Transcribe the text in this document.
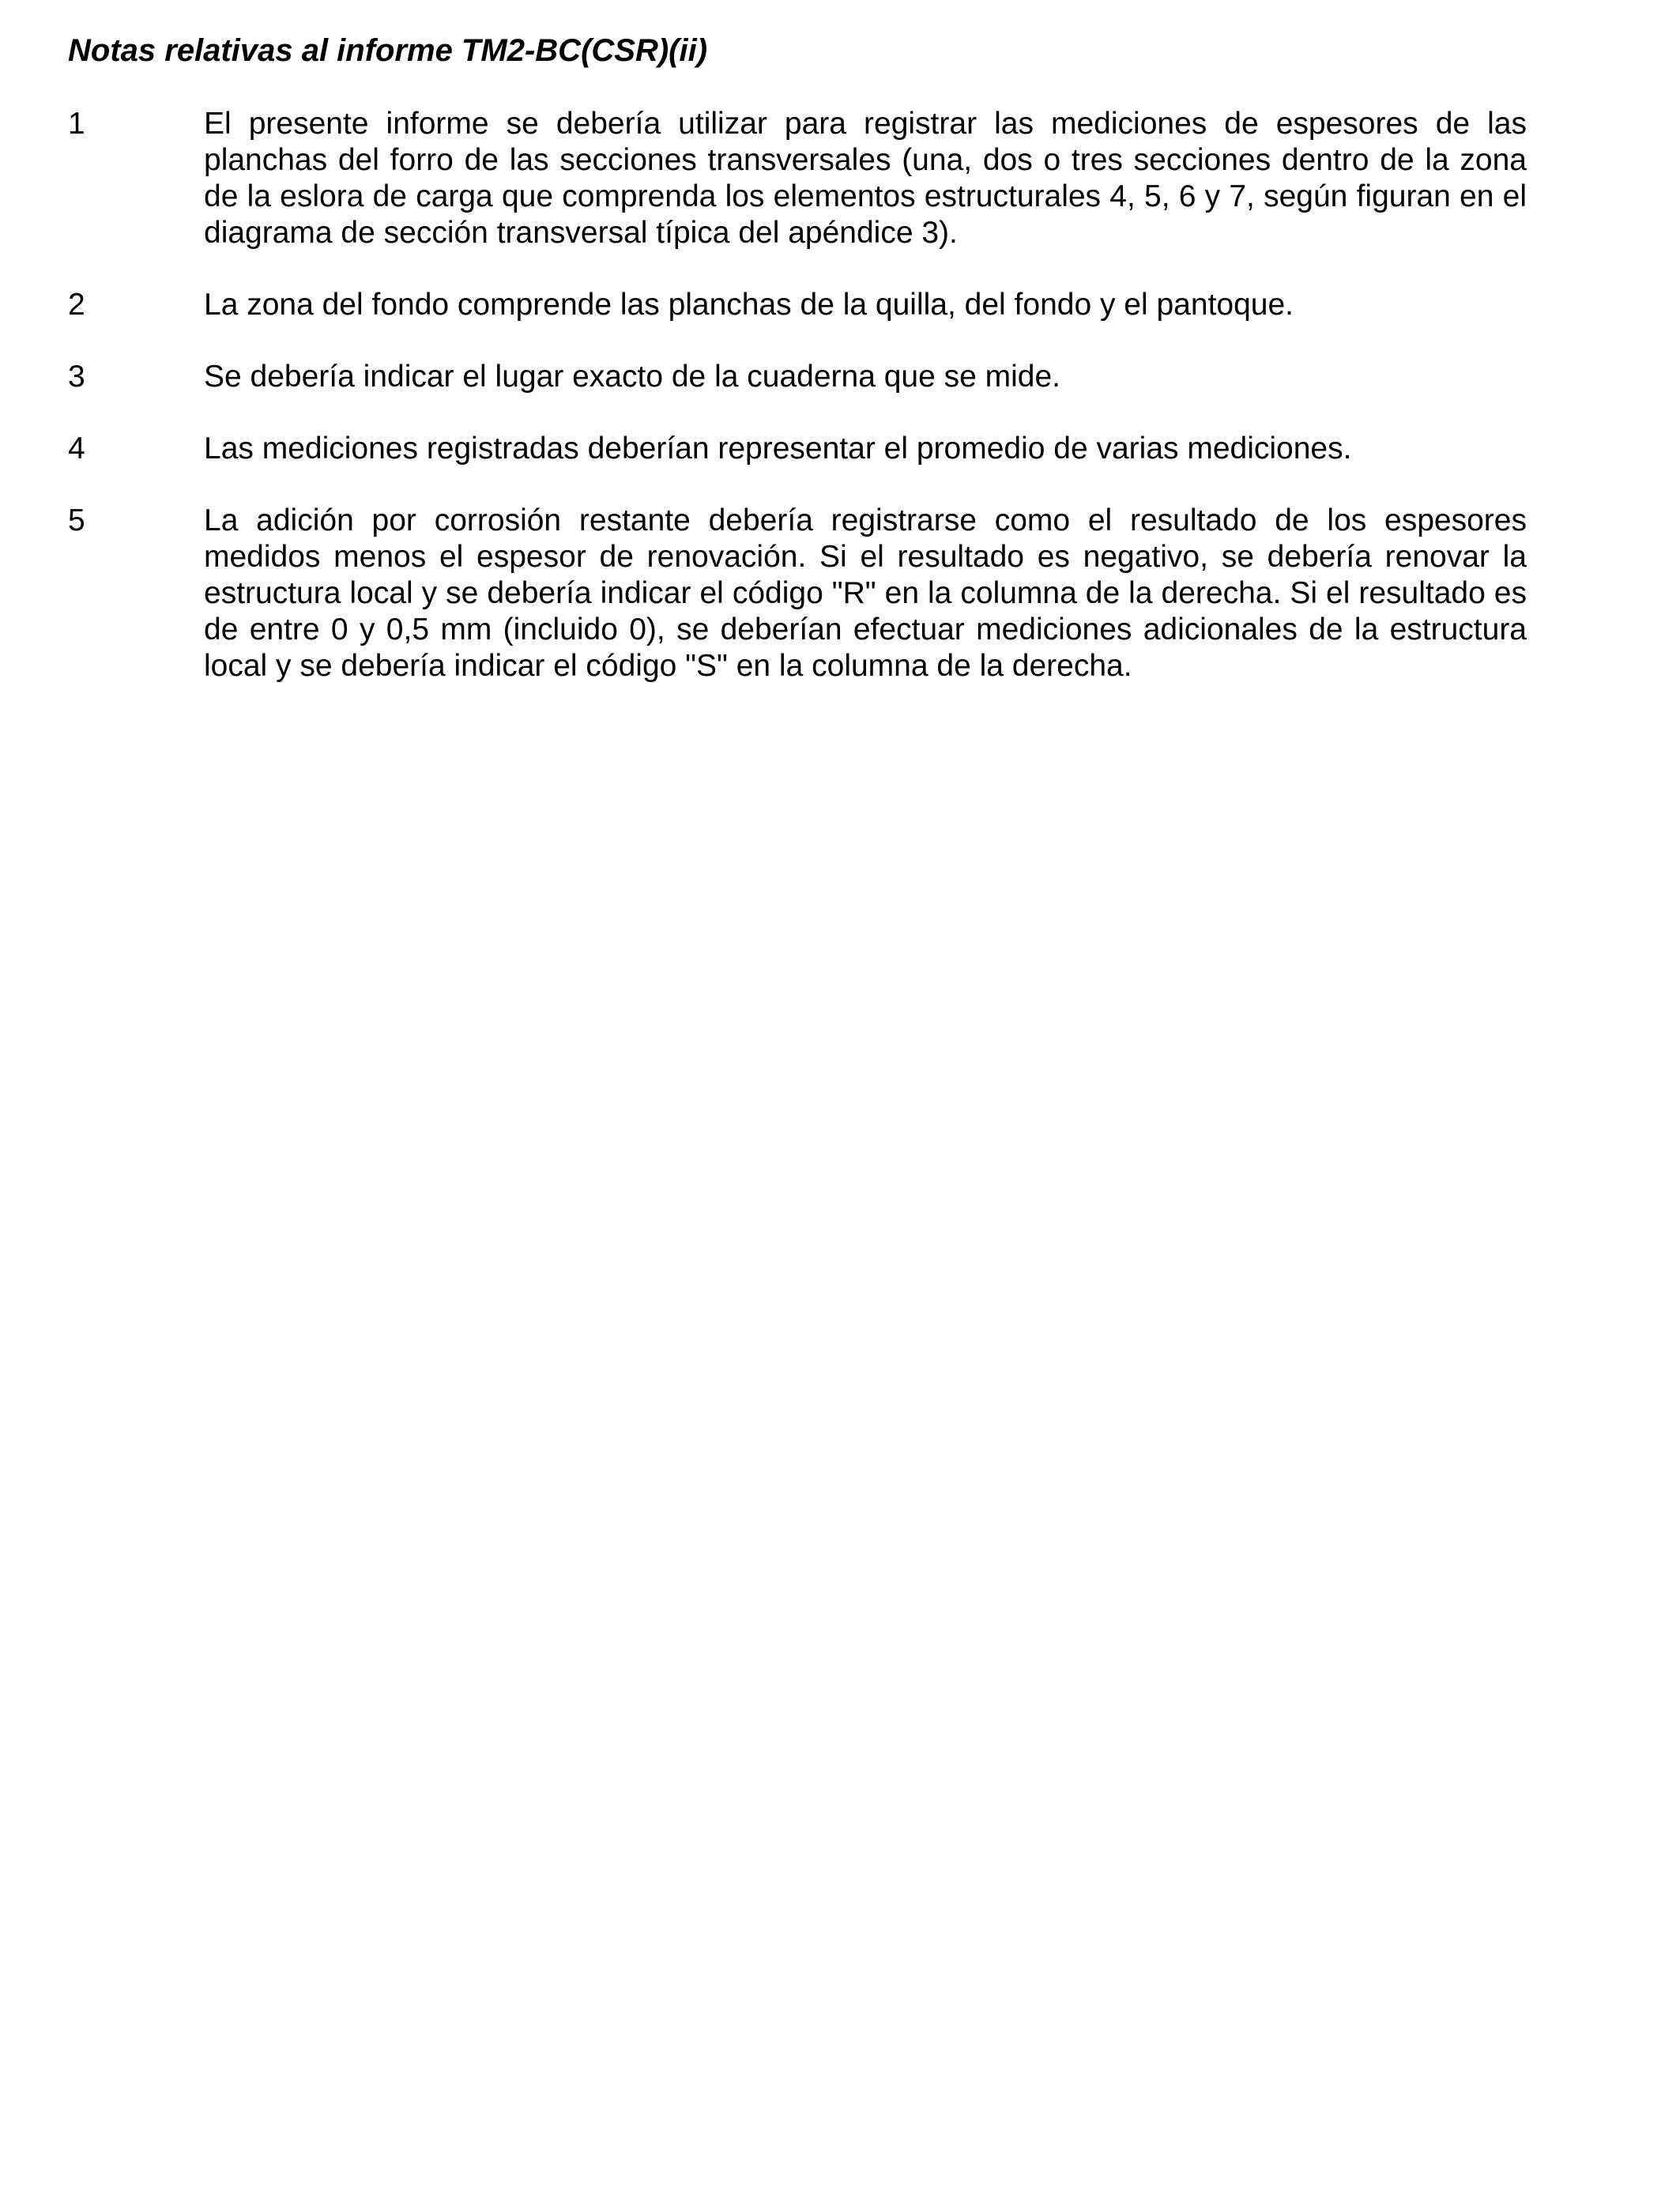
Notas relativas al informe TM2-BC(CSR)(ii)
1	El presente informe se debería utilizar para registrar las mediciones de espesores de las planchas del forro de las secciones transversales (una, dos o tres secciones dentro de la zona de la eslora de carga que comprenda los elementos estructurales 4, 5, 6 y 7, según figuran en el diagrama de sección transversal típica del apéndice 3).
2	La zona del fondo comprende las planchas de la quilla, del fondo y el pantoque.
3	Se debería indicar el lugar exacto de la cuaderna que se mide.
4	Las mediciones registradas deberían representar el promedio de varias mediciones.
5	La adición por corrosión restante debería registrarse como el resultado de los espesores medidos menos el espesor de renovación. Si el resultado es negativo, se debería renovar la estructura local y se debería indicar el código "R" en la columna de la derecha. Si el resultado es de entre 0 y 0,5 mm (incluido 0), se deberían efectuar mediciones adicionales de la estructura local y se debería indicar el código "S" en la columna de la derecha.
